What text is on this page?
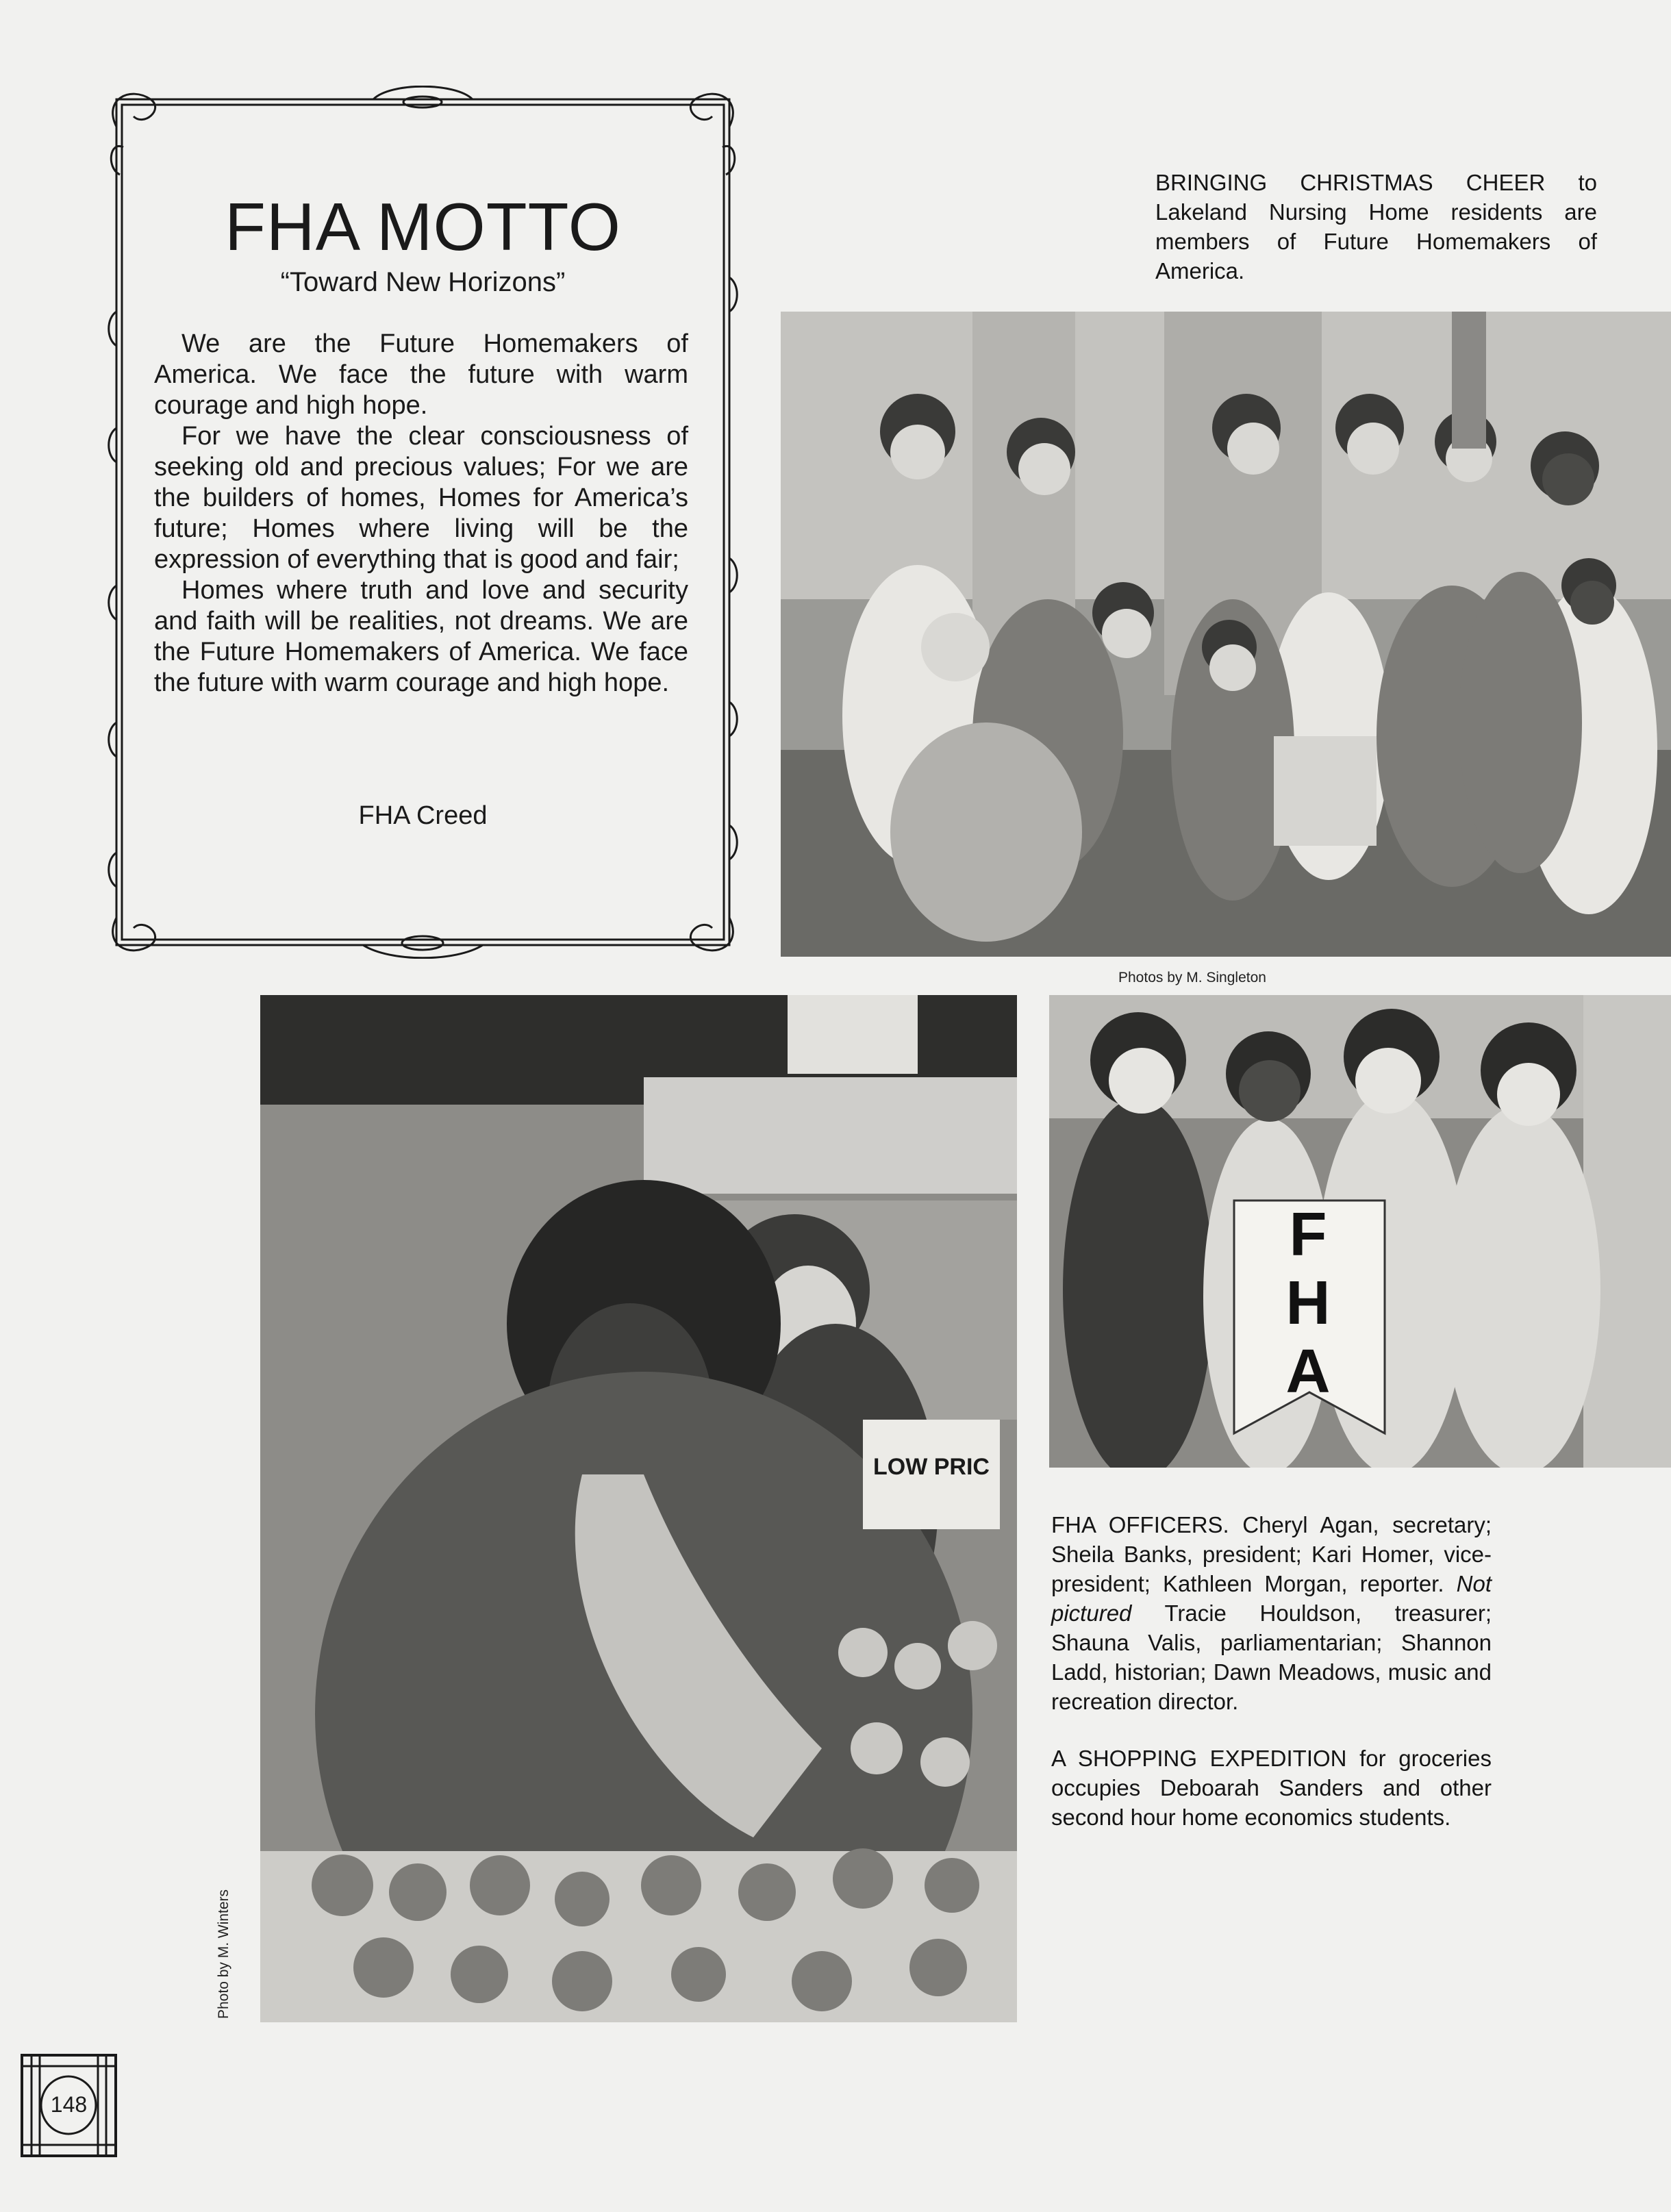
FHA MOTTO
“Toward New Horizons”

We are the Future Homemakers of America. We face the future with warm courage and high hope.

For we have the clear consciousness of seeking old and precious values; For we are the builders of homes, Homes for America’s future; Homes where living will be the expression of everything that is good and fair;

Homes where truth and love and security and faith will be realities, not dreams. We are the Future Homemakers of America. We face the future with warm courage and high hope.

FHA Creed

BRINGING CHRISTMAS CHEER to Lakeland Nursing Home residents are members of Future Homemakers of America.

Photos by M. Singleton
LOW PRIC
Photo by M. Winters
F H A

FHA OFFICERS. Cheryl Agan, secretary; Sheila Banks, president; Kari Homer, vice-president; Kathleen Morgan, reporter. Not pictured Tracie Houldson, treasurer; Shauna Valis, parliamentarian; Shannon Ladd, historian; Dawn Meadows, music and recreation director.

A SHOPPING EXPEDITION for groceries occupies Deboarah Sanders and other second hour home economics students.

148
